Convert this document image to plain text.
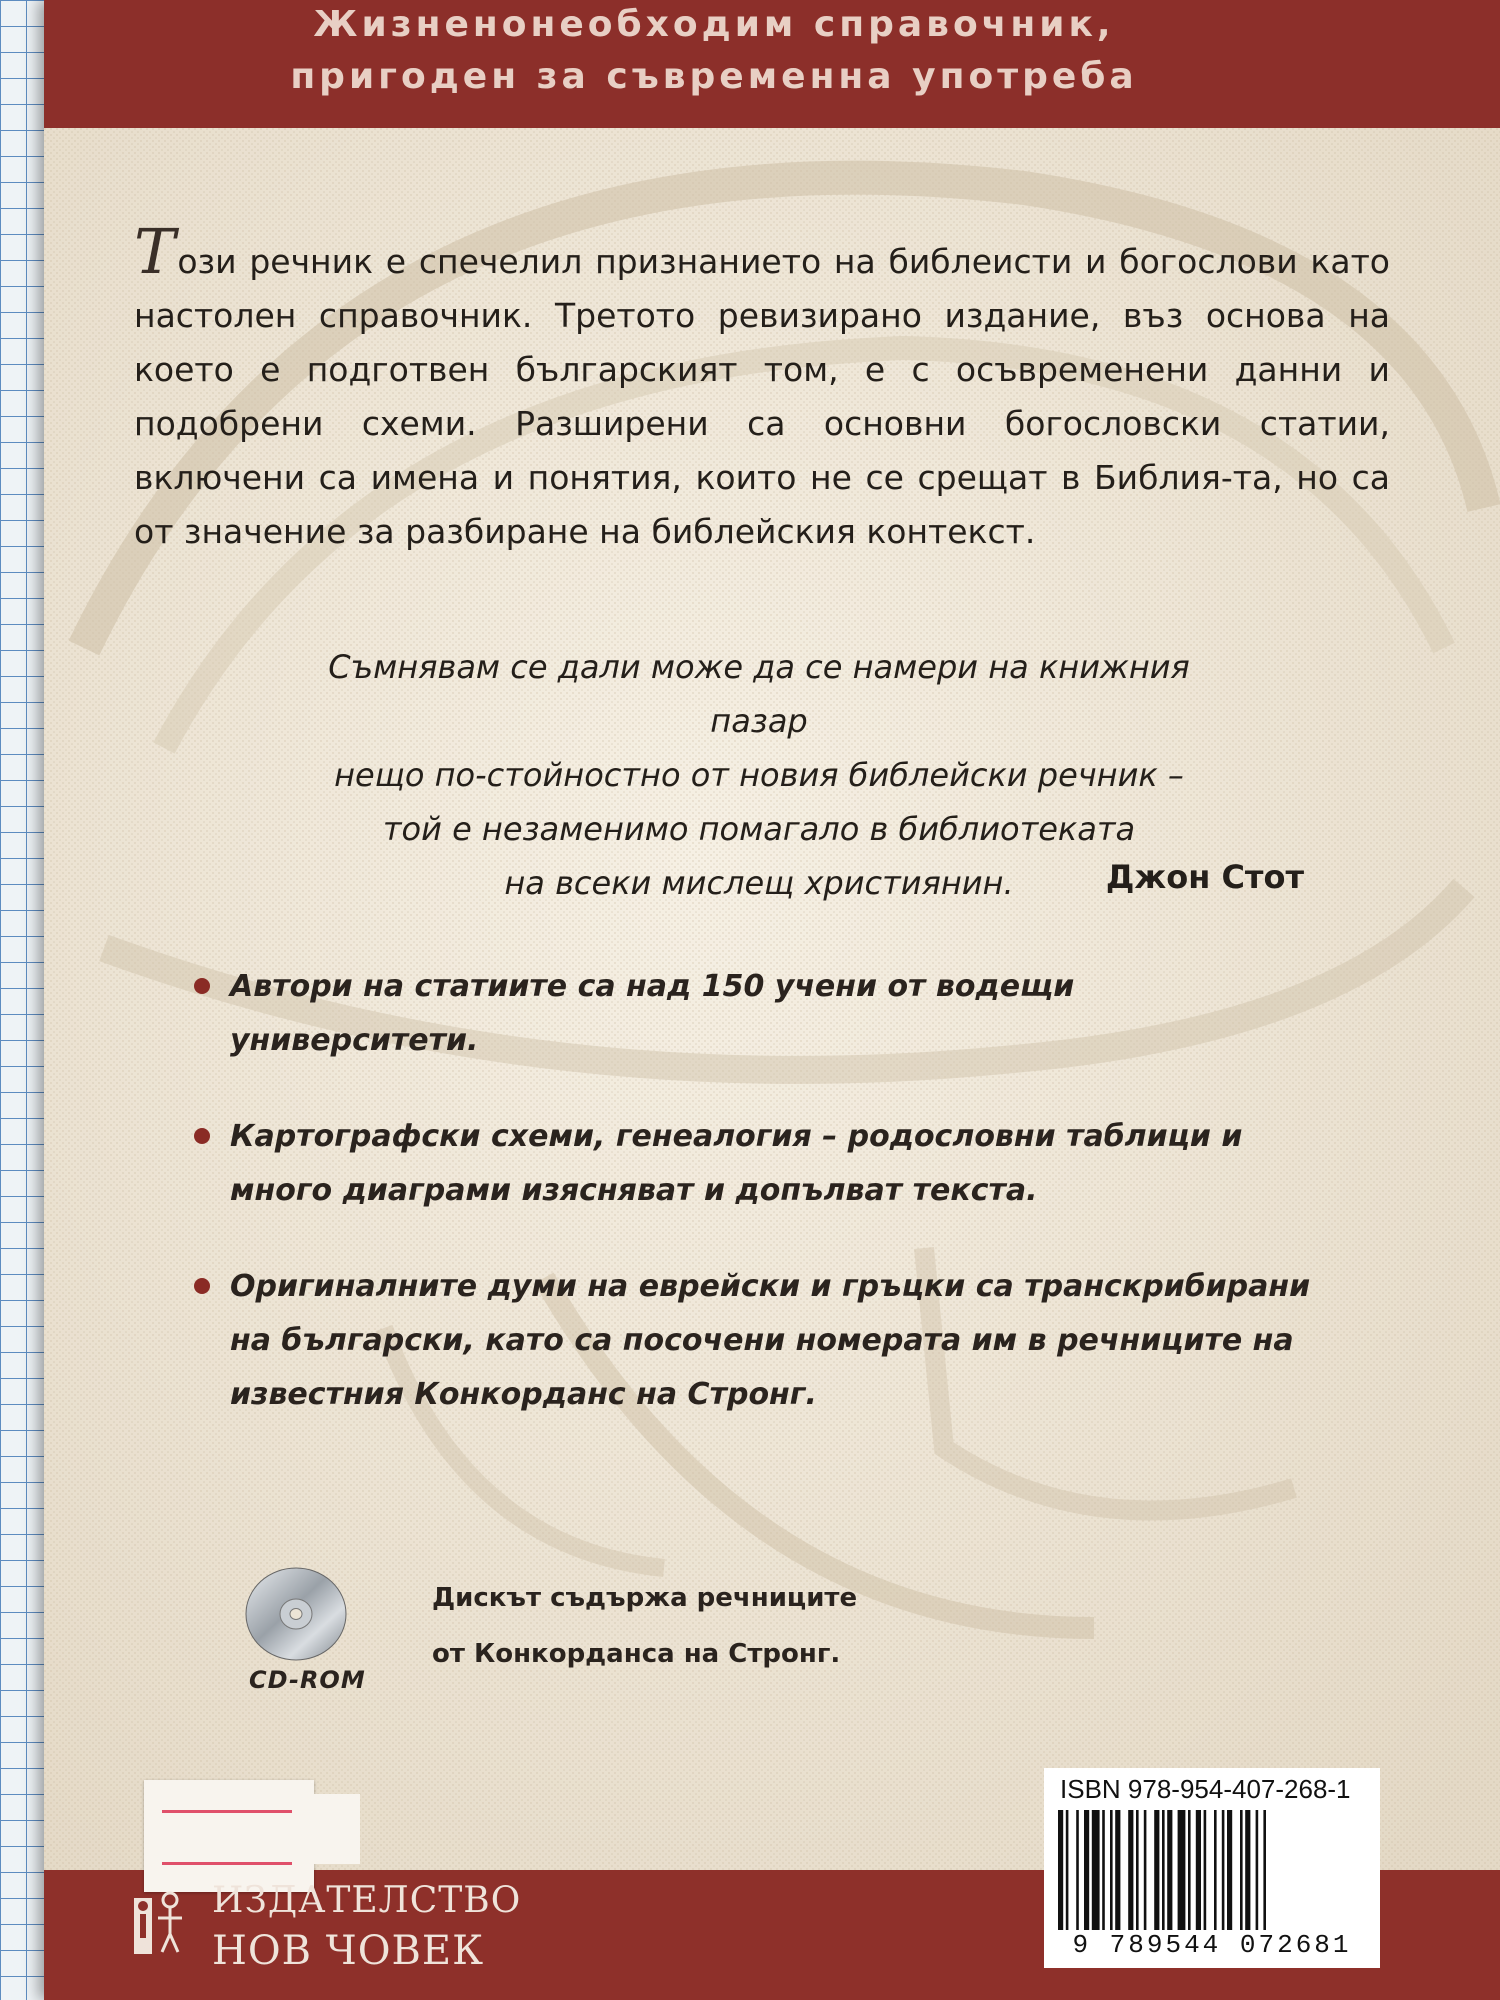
Жизненонеобходим справочник,
пригоден за съвременна употреба
Този речник е спечелил признанието на библеисти и богослови като настолен справочник. Третото ревизирано издание, въз основа на което е подготвен българският том, е с осъвременени данни и подобрени схеми. Разширени са основни богословски статии, включени са имена и понятия, които не се срещат в Библия-та, но са от значение за разбиране на библейския контекст.
Съмнявам се дали може да се намери на книжния пазар
нещо по-стойностно от новия библейски речник –
той е незаменимо помагало в библиотеката
на всеки мислещ християнин.	Джон Стот
Автори на статиите са над 150 учени от водещи
университети.
Картографски схеми, генеалогия – родословни таблици и
много диаграми изясняват и допълват текста.
Оригиналните думи на еврейски и гръцки са транскрибирани
на български, като са посочени номерата им в речниците на
известния Конкорданс на Стронг.
CD-ROM
Дискът съдържа речниците
от Конкорданса на Стронг.
ИЗДАТЕЛСТВО
НОВ ЧОВЕК
ISBN 978-954-407-268-1
9 789544 072681
